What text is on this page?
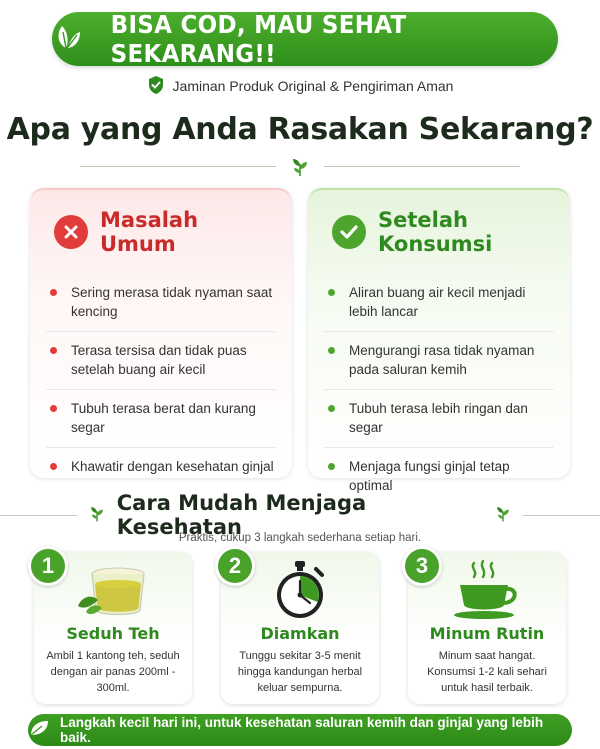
BISA COD, MAU SEHAT SEKARANG!!
Jaminan Produk Original & Pengiriman Aman
Apa yang Anda Rasakan Sekarang?
Masalah Umum
Sering merasa tidak nyaman saat kencing
Terasa tersisa dan tidak puas setelah buang air kecil
Tubuh terasa berat dan kurang segar
Khawatir dengan kesehatan ginjal
Setelah Konsumsi
Aliran buang air kecil menjadi lebih lancar
Mengurangi rasa tidak nyaman pada saluran kemih
Tubuh terasa lebih ringan dan segar
Menjaga fungsi ginjal tetap optimal
Cara Mudah Menjaga Kesehatan
Praktis, cukup 3 langkah sederhana setiap hari.
1
Seduh Teh
Ambil 1 kantong teh, seduh dengan air panas 200ml - 300ml.
2
Diamkan
Tunggu sekitar 3-5 menit hingga kandungan herbal keluar sempurna.
3
Minum Rutin
Minum saat hangat. Konsumsi 1-2 kali sehari untuk hasil terbaik.
Langkah kecil hari ini, untuk kesehatan saluran kemih dan ginjal yang lebih baik.
